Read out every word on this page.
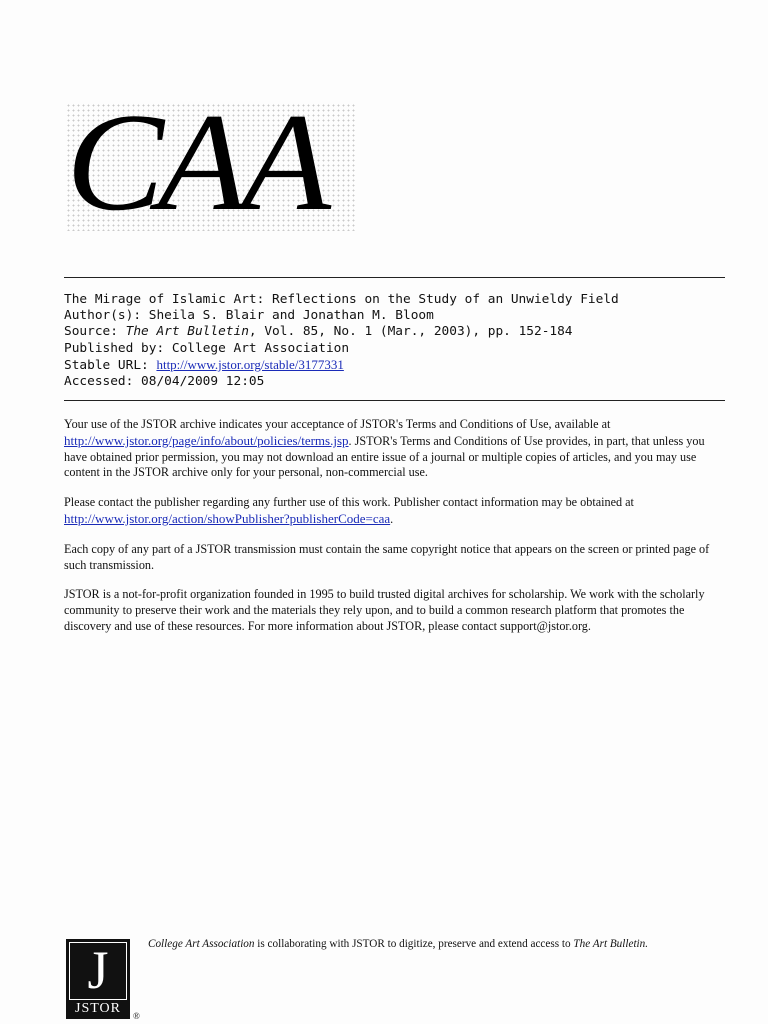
CAA
The Mirage of Islamic Art: Reflections on the Study of an Unwieldy Field
Author(s): Sheila S. Blair and Jonathan M. Bloom
Source: The Art Bulletin, Vol. 85, No. 1 (Mar., 2003), pp. 152-184
Published by: College Art Association
Stable URL: http://www.jstor.org/stable/3177331
Accessed: 08/04/2009 12:05

Your use of the JSTOR archive indicates your acceptance of JSTOR's Terms and Conditions of Use, available at http://www.jstor.org/page/info/about/policies/terms.jsp. JSTOR's Terms and Conditions of Use provides, in part, that unless you have obtained prior permission, you may not download an entire issue of a journal or multiple copies of articles, and you may use content in the JSTOR archive only for your personal, non-commercial use.

Please contact the publisher regarding any further use of this work. Publisher contact information may be obtained at http://www.jstor.org/action/showPublisher?publisherCode=caa.

Each copy of any part of a JSTOR transmission must contain the same copyright notice that appears on the screen or printed page of such transmission.

JSTOR is a not-for-profit organization founded in 1995 to build trusted digital archives for scholarship. We work with the scholarly community to preserve their work and the materials they rely upon, and to build a common research platform that promotes the discovery and use of these resources. For more information about JSTOR, please contact support@jstor.org.

J
JSTOR	®
College Art Association is collaborating with JSTOR to digitize, preserve and extend access to The Art Bulletin.
